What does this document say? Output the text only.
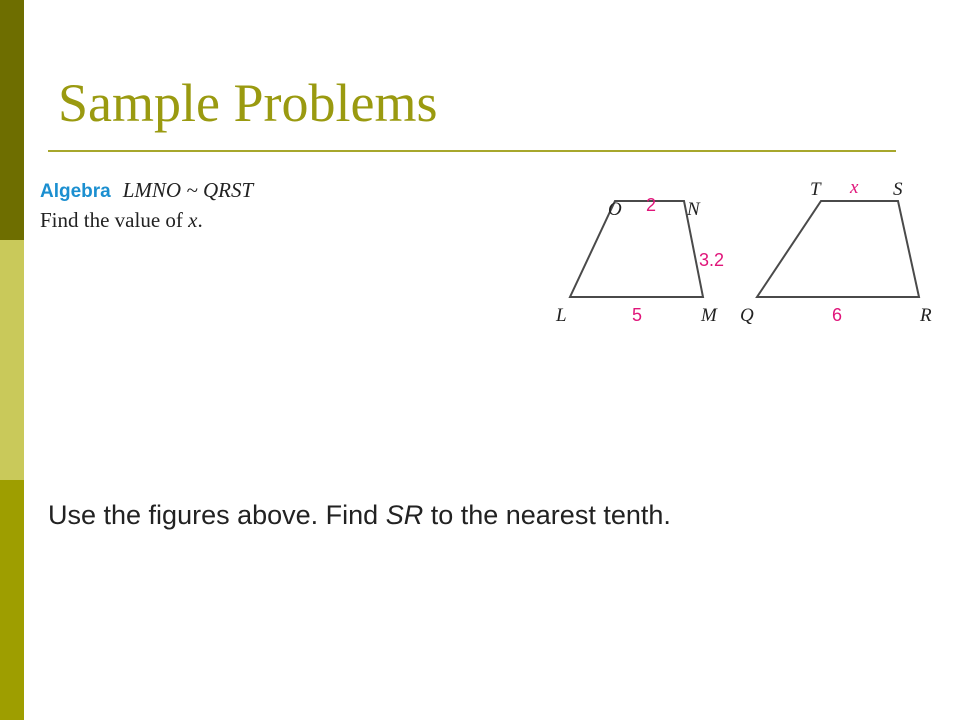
Sample Problems
Algebra LMNO ~ QRST
Find the value of x.	O	N
L	M
2
3.2
5
T	S
Q	R
x
6
Use the figures above. Find SR to the nearest tenth.
